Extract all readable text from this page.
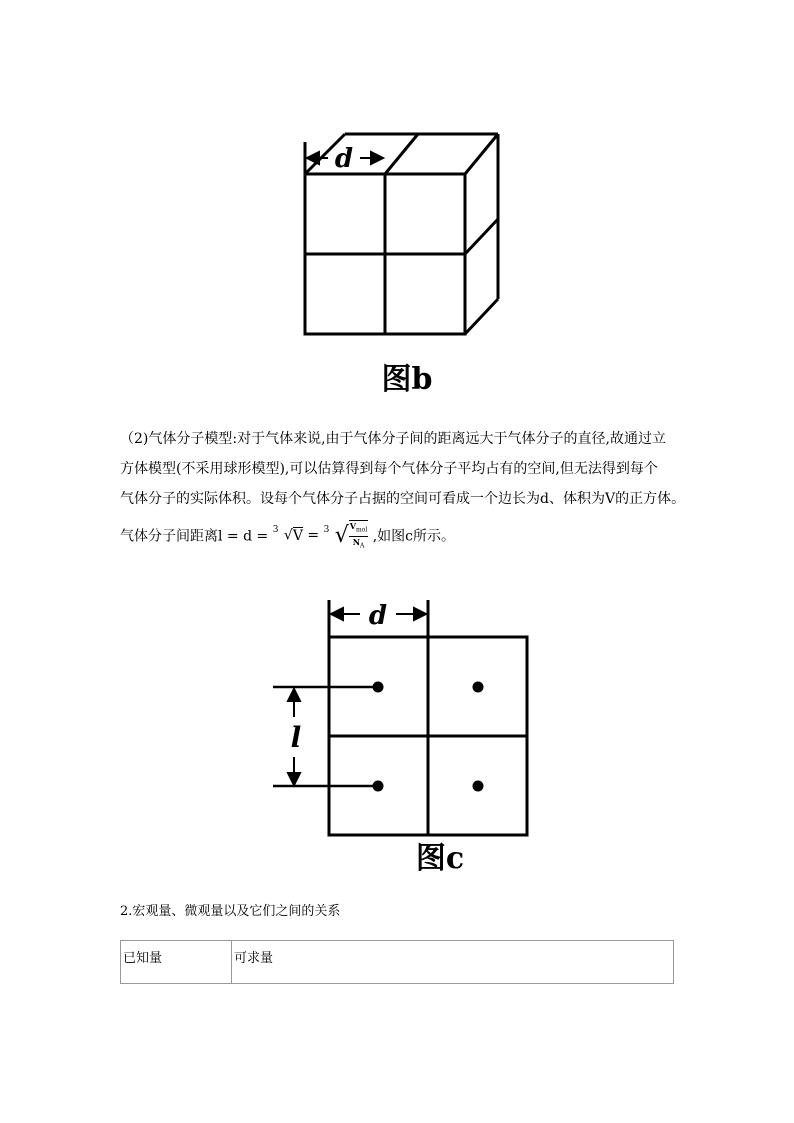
d
图b
（2)气体分子模型:对于气体来说,由于气体分子间的距离远大于气体分子的直径,故通过立
方体模型(不采用球形模型),可以估算得到每个气体分子平均占有的空间,但无法得到每个
气体分子的实际体积。设每个气体分子占据的空间可看成一个边长为d、体积为V的正方体。
气体分子间距离l = d = $^3$ √V = $^3$ √ $\frac{V_{mol}}{N_A}$ ,如图c所示。
d
l
图c
2.宏观量、微观量以及它们之间的关系
已知量	可求量
